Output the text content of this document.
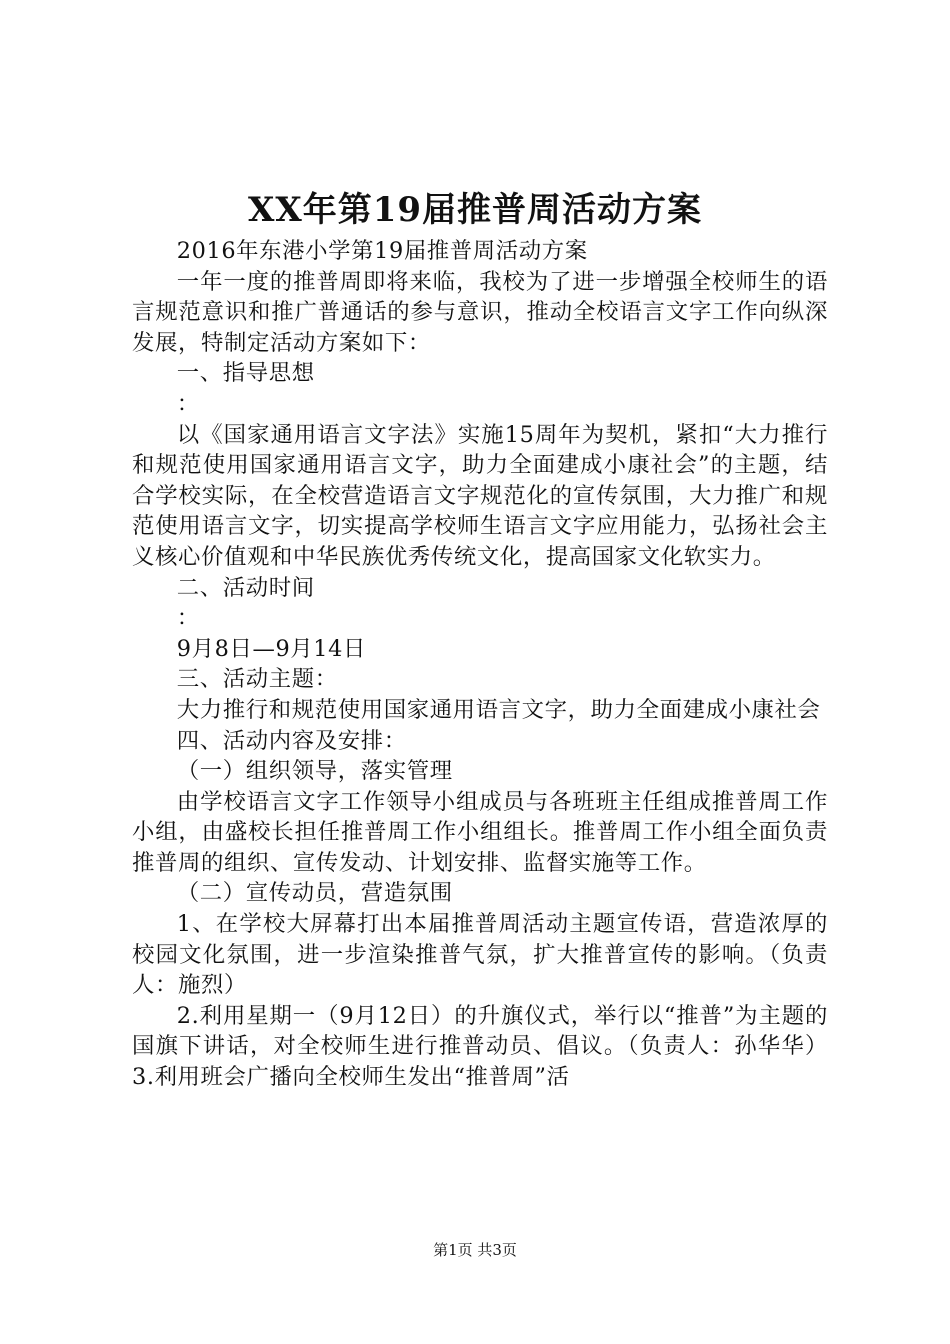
XX年第19届推普周活动方案

2016年东港小学第19届推普周活动方案

一年一度的推普周即将来临，我校为了进一步增强全校师生的语言规范意识和推广普通话的参与意识，推动全校语言文字工作向纵深发展，特制定活动方案如下：

一、指导思想

：

以《国家通用语言文字法》实施15周年为契机，紧扣“大力推行和规范使用国家通用语言文字，助力全面建成小康社会”的主题，结合学校实际，在全校营造语言文字规范化的宣传氛围，大力推广和规范使用语言文字，切实提高学校师生语言文字应用能力，弘扬社会主义核心价值观和中华民族优秀传统文化，提高国家文化软实力。

二、活动时间

：

9月8日—9月14日

三、活动主题：

大力推行和规范使用国家通用语言文字，助力全面建成小康社会

四、活动内容及安排：

（一）组织领导，落实管理

由学校语言文字工作领导小组成员与各班班主任组成推普周工作小组，由盛校长担任推普周工作小组组长。推普周工作小组全面负责推普周的组织、宣传发动、计划安排、监督实施等工作。

（二）宣传动员，营造氛围

1、在学校大屏幕打出本届推普周活动主题宣传语，营造浓厚的校园文化氛围，进一步渲染推普气氛，扩大推普宣传的影响。（负责人：施烈）

2.利用星期一（9月12日）的升旗仪式，举行以“推普”为主题的国旗下讲话，对全校师生进行推普动员、倡议。（负责人：孙华华）3.利用班会广播向全校师生发出“推普周”活

第1页 共3页
